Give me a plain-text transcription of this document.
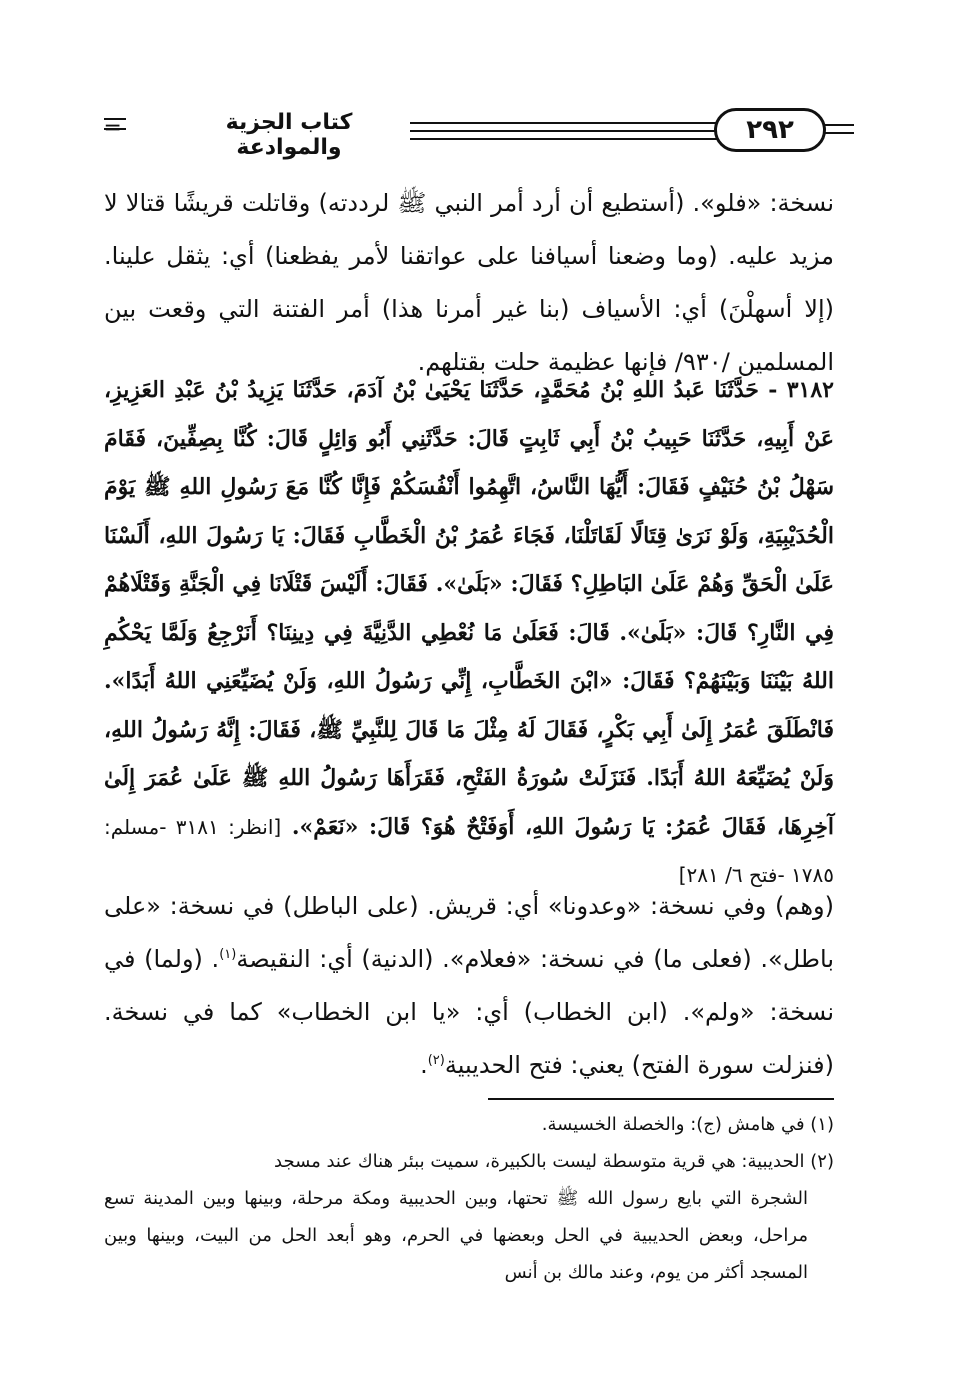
═	كتاب الجزية والموادعة
٢٩٢
نسخة: «فلو». (أستطيع أن أرد أمر النبي ﷺ لرددته) وقاتلت قريشًا قتالا لا مزيد عليه. (وما وضعنا أسيافنا على عواتقنا لأمر يفظعنا) أي: يثقل علينا. (إلا أسهلْنَ) أي: الأسياف (بنا غير أمرنا هذا) أمر الفتنة التي وقعت بين المسلمين /٩٣٠/ فإنها عظيمة حلت بقتلهم.
٣١٨٢ - حَدَّثَنَا عَبدُ اللهِ بْنُ مُحَمَّدٍ، حَدَّثَنَا يَحْيَىٰ بْنُ آدَمَ، حَدَّثَنَا يَزِيدُ بْنُ عَبْدِ العَزِيزِ، عَنْ أَبِيهِ، حَدَّثَنَا حَبِيبُ بْنُ أَبِي ثَابِتٍ قَالَ: حَدَّثَنِي أَبُو وَائِلٍ قَالَ: كُنَّا بِصِفِّينَ، فَقَامَ سَهْلُ بْنُ حُنَيْفٍ فَقَالَ: أَيُّهَا النَّاسُ، اتَّهِمُوا أَنْفُسَكُمْ فَإِنَّا كُنَّا مَعَ رَسُولِ اللهِ ﷺ يَوْمَ الْحُدَيْبِيَةِ، وَلَوْ نَرَىٰ قِتَالًا لَقَاتَلْنَا، فَجَاءَ عُمَرُ بْنُ الْخَطَّابِ فَقَالَ: يَا رَسُولَ اللهِ، أَلَسْنَا عَلَىٰ الْحَقِّ وَهُمْ عَلَىٰ البَاطِلِ؟ فَقَالَ: «بَلَىٰ». فَقَالَ: أَلَيْسَ قَتْلَانَا فِي الْجَنَّةِ وَقَتْلَاهُمْ فِي النَّارِ؟ قَالَ: «بَلَىٰ». قَالَ: فَعَلَىٰ مَا نُعْطِي الدَّنِيَّةَ فِي دِينِنَا؟ أَنَرْجِعُ وَلَمَّا يَحْكُمِ اللهُ بَيْنَنَا وَبَيْنَهُمْ؟ فَقَالَ: «ابْنَ الخَطَّابِ، إِنِّي رَسُولُ اللهِ، وَلَنْ يُضَيِّعَنِي اللهُ أَبَدًا». فَانْطَلَقَ عُمَرُ إِلَىٰ أَبِي بَكْرٍ، فَقَالَ لَهُ مِثْلَ مَا قَالَ لِلنَّبِيِّ ﷺ، فَقَالَ: إِنَّهُ رَسُولُ اللهِ، وَلَنْ يُضَيِّعَهُ اللهُ أَبَدًا. فَنَزَلَتْ سُورَةُ الفَتْحِ، فَقَرَأَهَا رَسُولُ اللهِ ﷺ عَلَىٰ عُمَرَ إِلَىٰ آخِرِهَا، فَقَالَ عُمَرُ: يَا رَسُولَ اللهِ، أَوَفَتْحٌ هُوَ؟ قَالَ: «نَعَمْ». [انظر: ٣١٨١ -مسلم: ١٧٨٥ -فتح ٦/ ٢٨١]
(وهم) وفي نسخة: «وعدونا» أي: قريش. (على الباطل) في نسخة: «على باطل». (فعلى ما) في نسخة: «فعلام». (الدنية) أي: النقيصة$^{(١)}$. (ولما) في نسخة: «ولم». (ابن الخطاب) أي: «يا ابن الخطاب» كما في نسخة. (فنزلت سورة الفتح) يعني: فتح الحديبية$^{(٢)}$.
(١) في هامش (ج): والخصلة الخسيسة.
(٢) الحديبية: هي قرية متوسطة ليست بالكبيرة، سميت ببئر هناك عند مسجد
الشجرة التي بايع رسول الله ﷺ تحتها، وبين الحديبية ومكة مرحلة، وبينها وبين المدينة تسع مراحل، وبعض الحديبية في الحل وبعضها في الحرم، وهو أبعد الحل من البيت، وبينها وبين المسجد أكثر من يوم، وعند مالك بن أنس
